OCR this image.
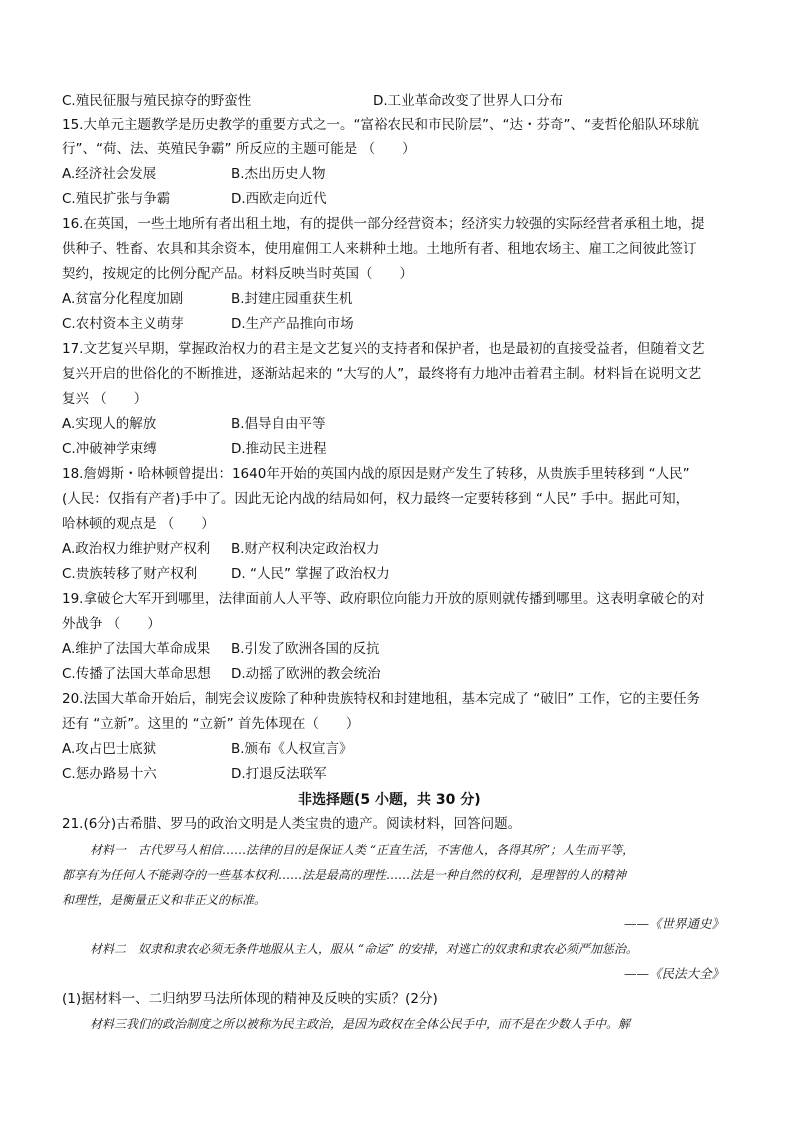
C.殖民征服与殖民掠夺的野蛮性	D.工业革命改变了世界人口分布
15.大单元主题教学是历史教学的重要方式之一。“富裕农民和市民阶层”、“达・芬奇”、“麦哲伦船队环球航
行”、“荷、法、英殖民争霸” 所反应的主题可能是 （　　）
A.经济社会发展	B.杰出历史人物
C.殖民扩张与争霸	D.西欧走向近代
16.在英国，一些土地所有者出租土地，有的提供一部分经营资本；经济实力较强的实际经营者承租土地，提
供种子、牲畜、农具和其余资本，使用雇佣工人来耕种土地。土地所有者、租地农场主、雇工之间彼此签订
契约，按规定的比例分配产品。材料反映当时英国（　　）
A.贫富分化程度加剧	B.封建庄园重获生机
C.农村资本主义萌芽	D.生产产品推向市场
17.文艺复兴早期，掌握政治权力的君主是文艺复兴的支持者和保护者，也是最初的直接受益者，但随着文艺
复兴开启的世俗化的不断推进，逐渐站起来的 “大写的人”，最终将有力地冲击着君主制。材料旨在说明文艺
复兴 （　　）
A.实现人的解放	B.倡导自由平等
C.冲破神学束缚	D.推动民主进程
18.詹姆斯・哈林顿曾提出：1640年开始的英国内战的原因是财产发生了转移，从贵族手里转移到 “人民”
(人民：仅指有产者)手中了。因此无论内战的结局如何，权力最终一定要转移到 “人民” 手中。据此可知，
哈林顿的观点是 （　　）
A.政治权力维护财产权利 B.财产权利决定政治权力
C.贵族转移了财产权利	D. “人民” 掌握了政治权力
19.拿破仑大军开到哪里，法律面前人人平等、政府职位向能力开放的原则就传播到哪里。这表明拿破仑的对
外战争 （　　）
A.维护了法国大革命成果 B.引发了欧洲各国的反抗
C.传播了法国大革命思想 D.动摇了欧洲的教会统治
20.法国大革命开始后，制宪会议废除了种种贵族特权和封建地租，基本完成了 “破旧” 工作，它的主要任务
还有 “立新”。这里的 “立新” 首先体现在（　　）
A.攻占巴士底狱	B.颁布《人权宣言》
C.惩办路易十六	D.打退反法联军
非选择题(5 小题，共 30 分)
21.(6分)古希腊、罗马的政治文明是人类宝贵的遗产。阅读材料，回答问题。
材料一　古代罗马人相信……法律的目的是保证人类 “正直生活，不害他人，各得其所”；人生而平等，
都享有为任何人不能剥夺的一些基本权利……法是最高的理性……法是一种自然的权利，是理智的人的精神
和理性，是衡量正义和非正义的标准。
——《世界通史》
材料二　奴隶和隶农必须无条件地服从主人，服从 “命运” 的安排，对逃亡的奴隶和隶农必须严加惩治。
——《民法大全》
(1)据材料一、二归纳罗马法所体现的精神及反映的实质？(2分)
材料三我们的政治制度之所以被称为民主政治，是因为政权在全体公民手中，而不是在少数人手中。解
